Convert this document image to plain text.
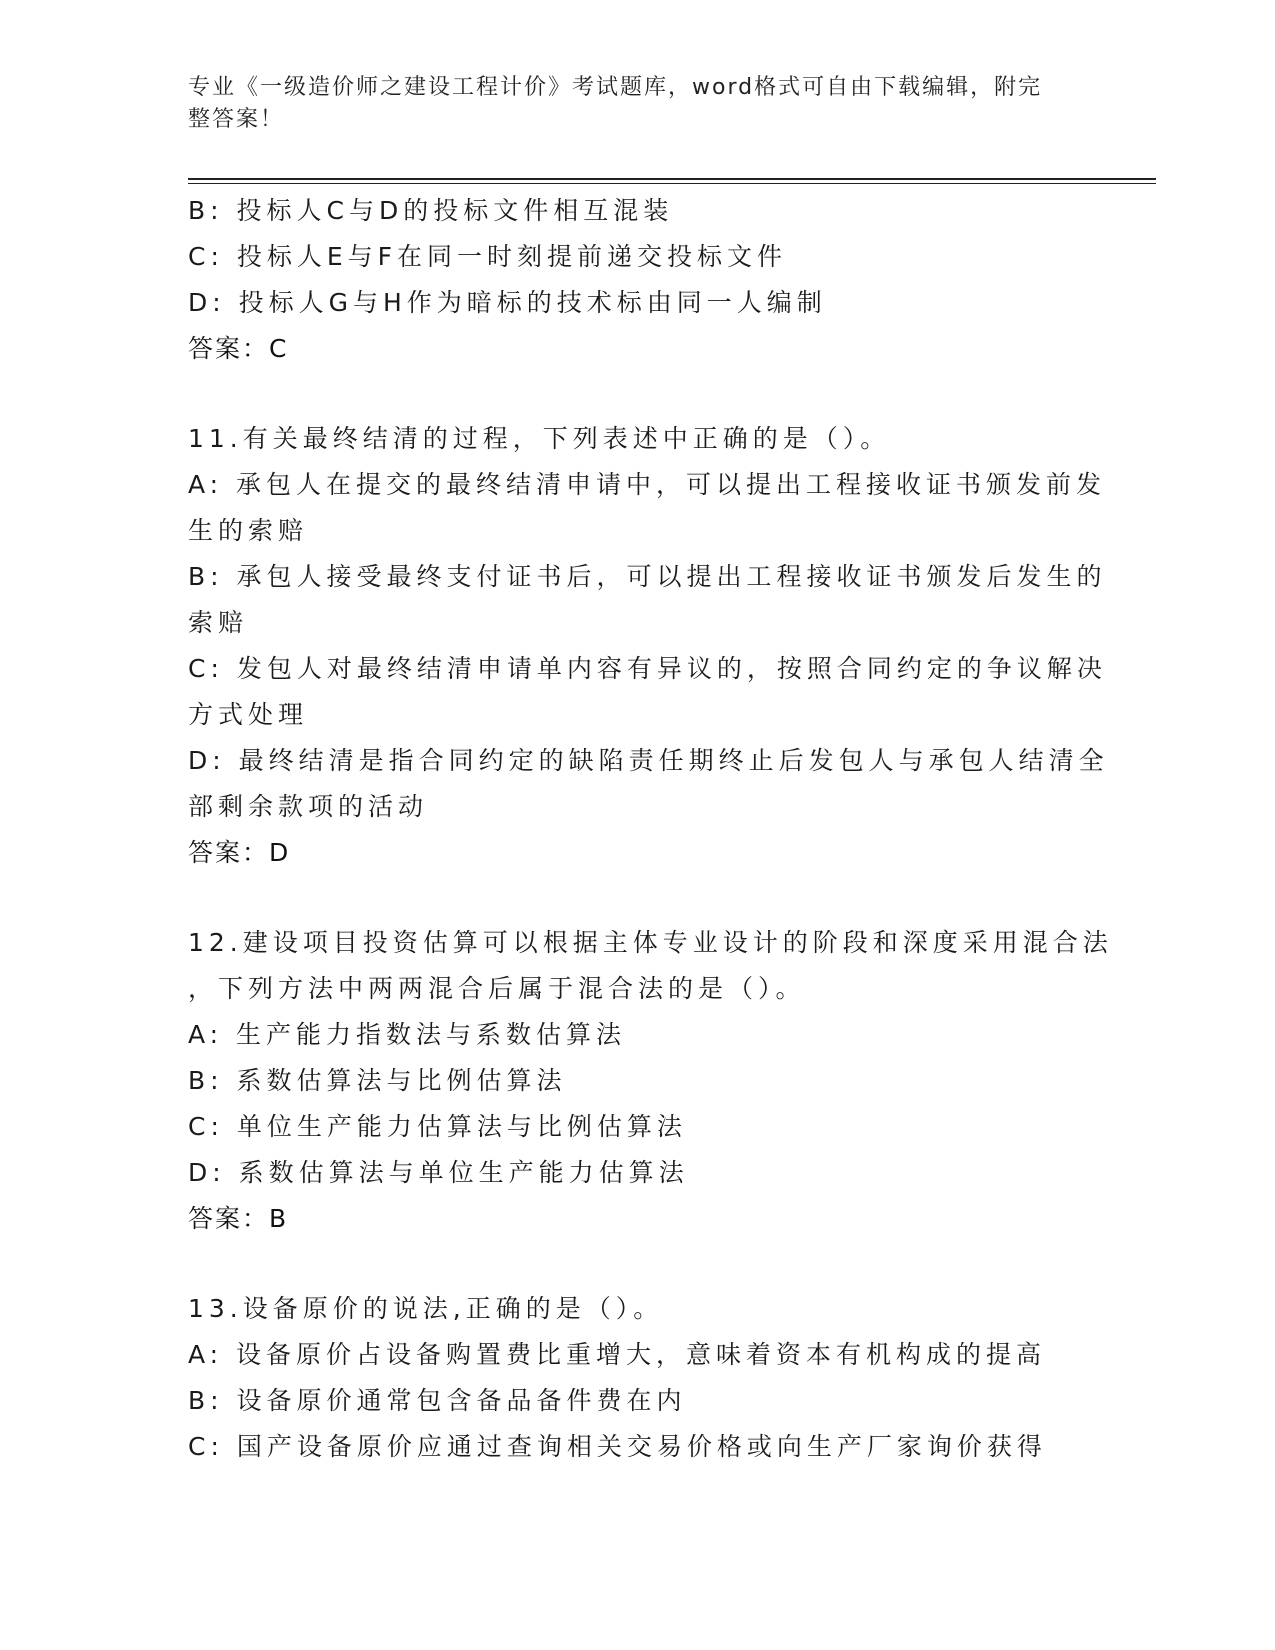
专业《一级造价师之建设工程计价》考试题库，word格式可自由下载编辑，附完
整答案！
B: 投标人C与D的投标文件相互混装
C: 投标人E与F在同一时刻提前递交投标文件
D: 投标人G与H作为暗标的技术标由同一人编制
答案：C
11.有关最终结清的过程，下列表述中正确的是（）。
A: 承包人在提交的最终结清申请中，可以提出工程接收证书颁发前发
生的索赔
B: 承包人接受最终支付证书后，可以提出工程接收证书颁发后发生的
索赔
C: 发包人对最终结清申请单内容有异议的，按照合同约定的争议解决
方式处理
D: 最终结清是指合同约定的缺陷责任期终止后发包人与承包人结清全
部剩余款项的活动
答案：D
12.建设项目投资估算可以根据主体专业设计的阶段和深度采用混合法
，下列方法中两两混合后属于混合法的是（）。
A: 生产能力指数法与系数估算法
B: 系数估算法与比例估算法
C: 单位生产能力估算法与比例估算法
D: 系数估算法与单位生产能力估算法
答案：B
13.设备原价的说法,正确的是（）。
A: 设备原价占设备购置费比重增大，意味着资本有机构成的提高
B: 设备原价通常包含备品备件费在内
C: 国产设备原价应通过查询相关交易价格或向生产厂家询价获得
